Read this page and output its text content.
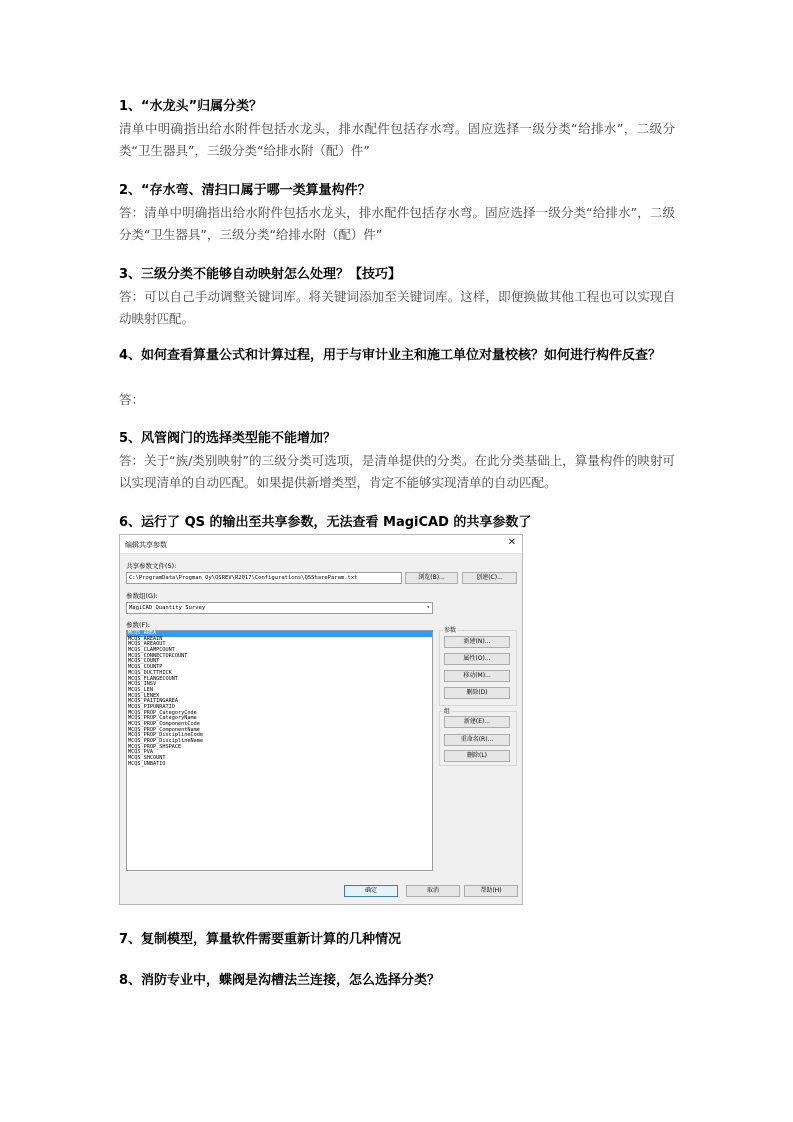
1、“水龙头”归属分类？
清单中明确指出给水附件包括水龙头，排水配件包括存水弯。固应选择一级分类“给排水”，二级分类“卫生器具”，三级分类“给排水附（配）件”
2、“存水弯、清扫口属于哪一类算量构件？
答：清单中明确指出给水附件包括水龙头，排水配件包括存水弯。固应选择一级分类“给排水”，二级分类“卫生器具”，三级分类“给排水附（配）件”
3、三级分类不能够自动映射怎么处理？【技巧】
答：可以自己手动调整关键词库。将关键词添加至关键词库。这样，即便换做其他工程也可以实现自动映射匹配。
4、如何查看算量公式和计算过程，用于与审计业主和施工单位对量校核？如何进行构件反查？
答：
5、风管阀门的选择类型能不能增加？
答：关于“族/类别映射”的三级分类可选项，是清单提供的分类。在此分类基础上，算量构件的映射可以实现清单的自动匹配。如果提供新增类型，肯定不能够实现清单的自动匹配。
6、运行了 QS 的输出至共享参数，无法查看 MagiCAD 的共享参数了
编辑共享参数	✕
共享参数文件(S):
C:\ProgramData\Progman Oy\QSREV\R2017\Configurations\QSShareParam.txt	浏览(B)...	创建(C)...
参数组(G):
MagiCAD Quantity Survey	▾
参数(F):
MCQS_AREA
MCQS_AREAIN
MCQS_AREAOUT
MCQS_CLAMPCOUNT
MCQS_CONNECTORCOUNT
MCQS_COUNT
MCQS_COUNTP
MCQS_DUCTTHICK
MCQS_FLANGECOUNT
MCQS_INSV
MCQS_LEN
MCQS_LENEX
MCQS_PAITINGAREA
MCQS_PIPUNRATIO
MCQS_PROP_CategoryCode
MCQS_PROP_CategoryName
MCQS_PROP_ComponentCode
MCQS_PROP_ComponentName
MCQS_PROP_DisciplineCode
MCQS_PROP_DisciplineName
MCQS_PROP_SHSPACE
MCQS_PVA
MCQS_SHCOUNT
MCQS_UNBATIO
参数
新建(N)...
属性(O)...
移动(M)...
删除(D)
组
新建(E)...
重命名(R)...
删除(L)
确定	取消	帮助(H)
7、复制模型，算量软件需要重新计算的几种情况
8、消防专业中，蝶阀是沟槽法兰连接，怎么选择分类？
